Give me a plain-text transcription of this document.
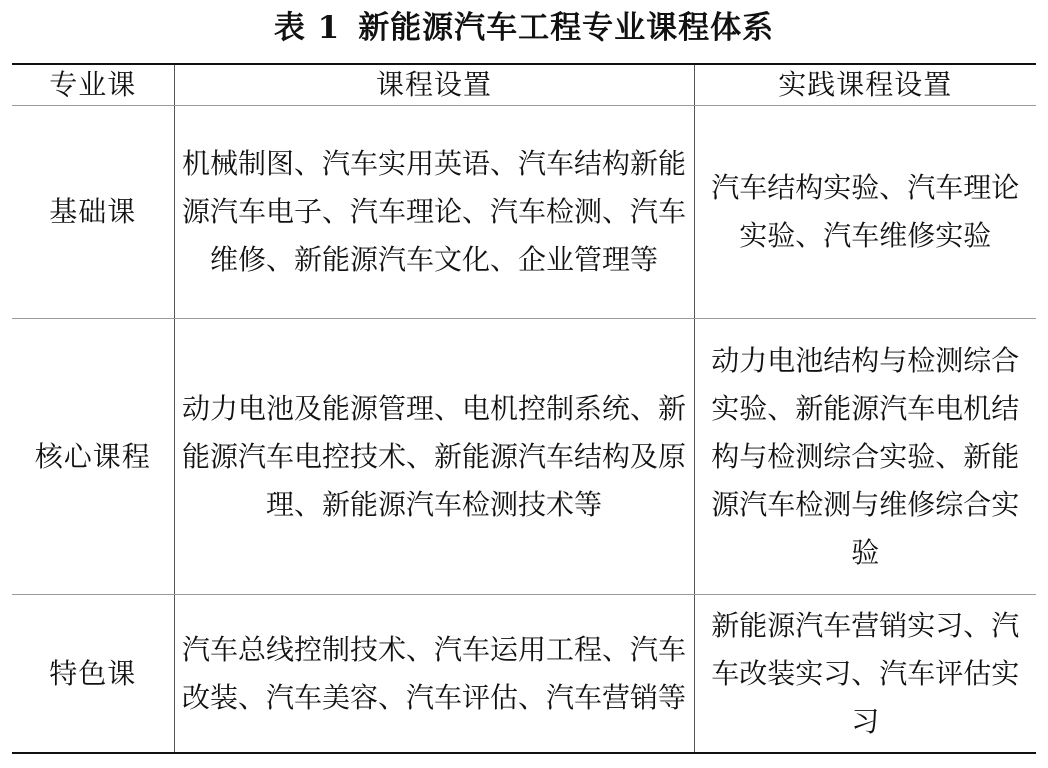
表 1 新能源汽车工程专业课程体系
专业课	课程设置	实践课程设置
基础课	机械制图、汽车实用英语、汽车结构新能源汽车电子、汽车理论、汽车检测、汽车维修、新能源汽车文化、企业管理等	汽车结构实验、汽车理论实验、汽车维修实验
核心课程	动力电池及能源管理、电机控制系统、新能源汽车电控技术、新能源汽车结构及原理、新能源汽车检测技术等	动力电池结构与检测综合实验、新能源汽车电机结构与检测综合实验、新能源汽车检测与维修综合实验
特色课	汽车总线控制技术、汽车运用工程、汽车改装、汽车美容、汽车评估、汽车营销等	新能源汽车营销实习、汽车改装实习、汽车评估实习
